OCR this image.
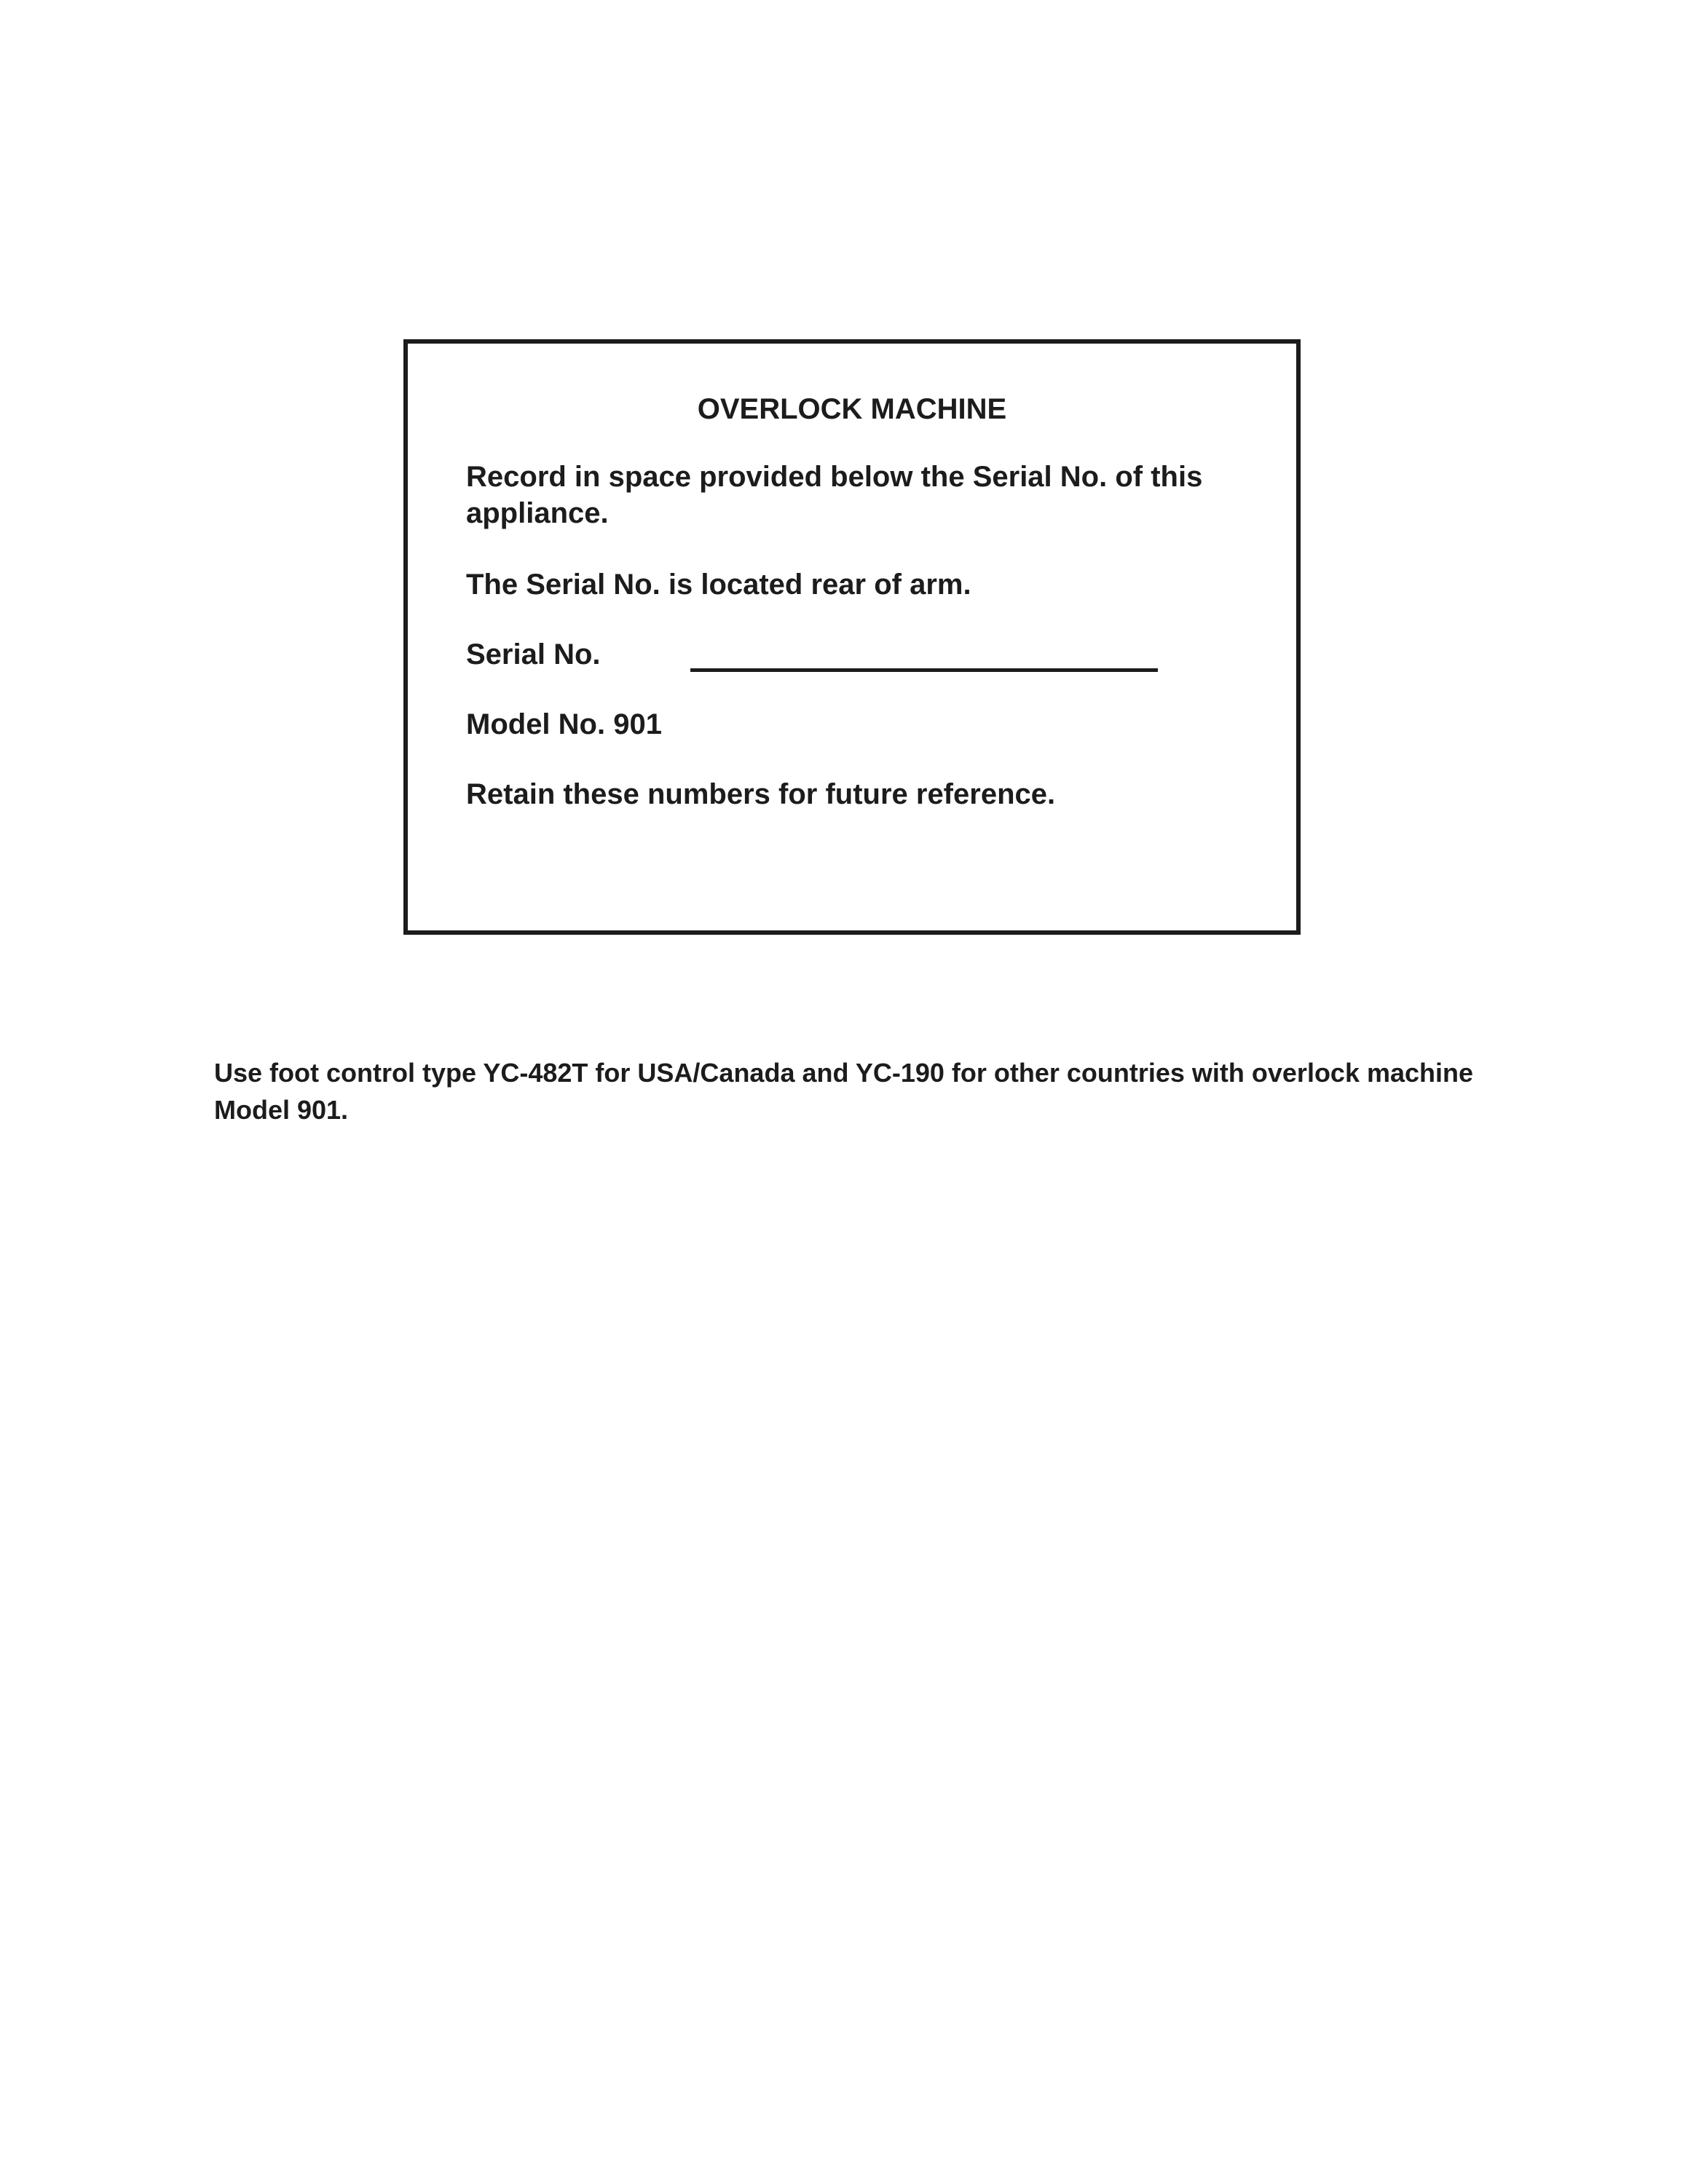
OVERLOCK MACHINE
Record in space provided below the Serial No. of this appliance.
The Serial No. is located rear of arm.
Serial No.
Model No. 901
Retain these numbers for future reference.
Use foot control type YC-482T for USA/Canada and YC-190 for other countries with overlock machine Model 901.
